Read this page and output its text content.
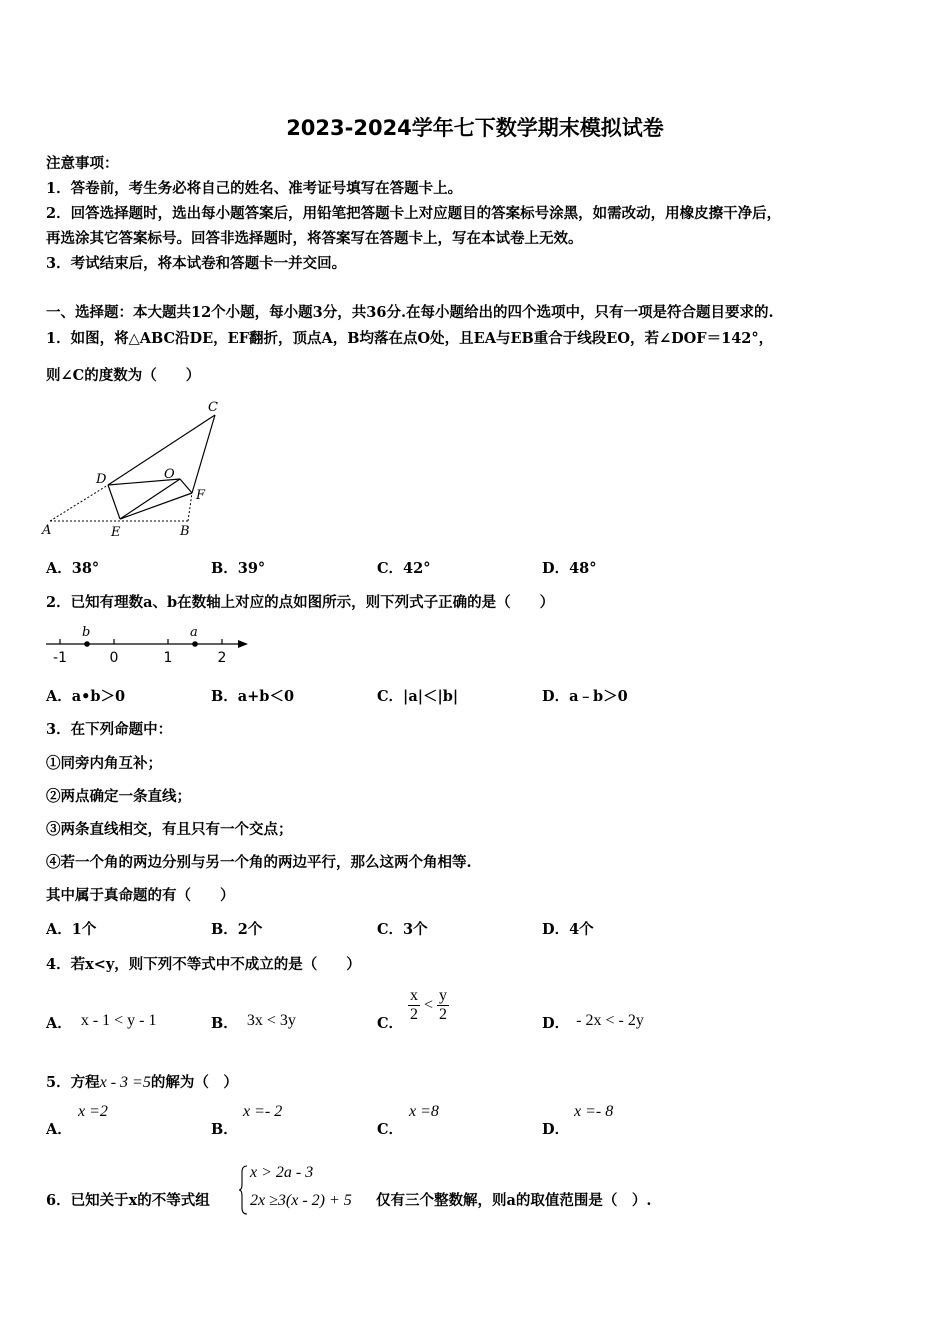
2023-2024学年七下数学期末模拟试卷
注意事项：
1．答卷前，考生务必将自己的姓名、准考证号填写在答题卡上。
2．回答选择题时，选出每小题答案后，用铅笔把答题卡上对应题目的答案标号涂黑，如需改动，用橡皮擦干净后，
再选涂其它答案标号。回答非选择题时，将答案写在答题卡上，写在本试卷上无效。
3．考试结束后，将本试卷和答题卡一并交回。
一、选择题：本大题共12个小题，每小题3分，共36分.在每小题给出的四个选项中，只有一项是符合题目要求的.
1．如图，将△ABC沿DE，EF翻折，顶点A，B均落在点O处，且EA与EB重合于线段EO，若∠DOF＝142°，
则∠C的度数为（　　）
A	B
C
D
E
F
O
A．38°	B．39°	C．42°	D．48°
2．已知有理数a、b在数轴上对应的点如图所示，则下列式子正确的是（　　）
-1	0	1	2
b	a
A．a•b＞0	B．a+b＜0	C．|a|＜|b|	D．a﹣b＞0
3．在下列命题中：
①同旁内角互补；
②两点确定一条直线；
③两条直线相交，有且只有一个交点；
④若一个角的两边分别与另一个角的两边平行，那么这两个角相等.
其中属于真命题的有（　　）
A．1个	B．2个	C．3个	D．4个
4．若x<y，则下列不等式中不成立的是（　　）
A． x - 1 < y - 1	B． 3x < 3y	C． $\frac{x}{2} < \frac{y}{2}$	D． - 2x < - 2y
5．方程x - 3 =5的解为（　）
A．
x =2
B．
x =- 2
C．
x =8
D．
x =- 8
6．已知关于x的不等式组
x > 2a - 3
2x ≥3(x - 2) + 5 仅有三个整数解，则a的取值范围是（　）.
